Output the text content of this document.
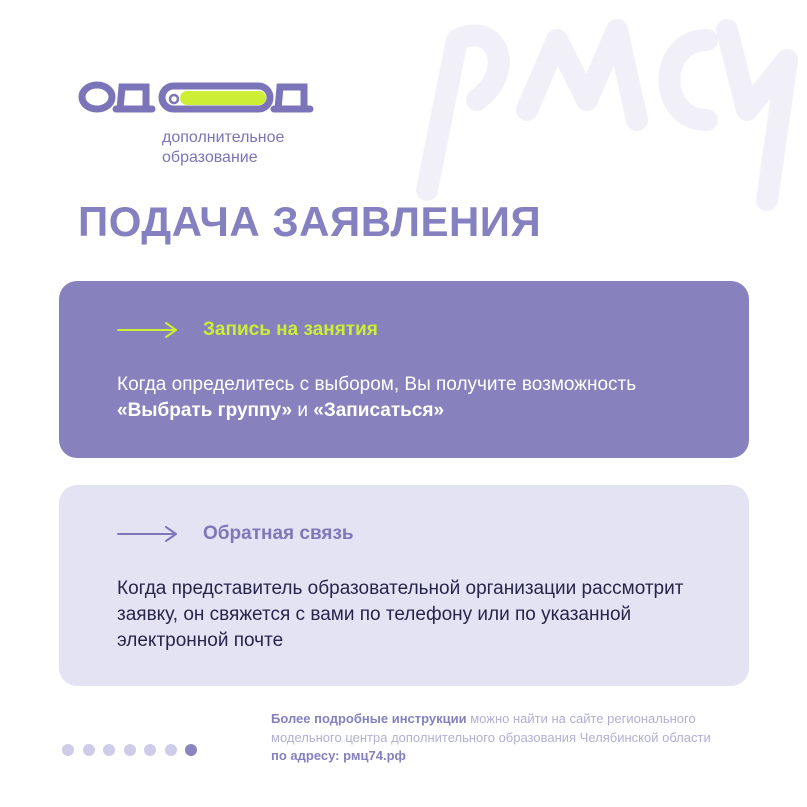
дополнительное
образование
ПОДАЧА ЗАЯВЛЕНИЯ
Запись на занятия
Когда определитесь с выбором, Вы получите возможность «Выбрать группу» и «Записаться»
Обратная связь
Когда представитель образовательной организации рассмотрит заявку, он свяжется с вами по телефону или по указанной электронной почте
Более подробные инструкции можно найти на сайте регионального модельного центра дополнительного образования Челябинской области по адресу: рмц74.рф
